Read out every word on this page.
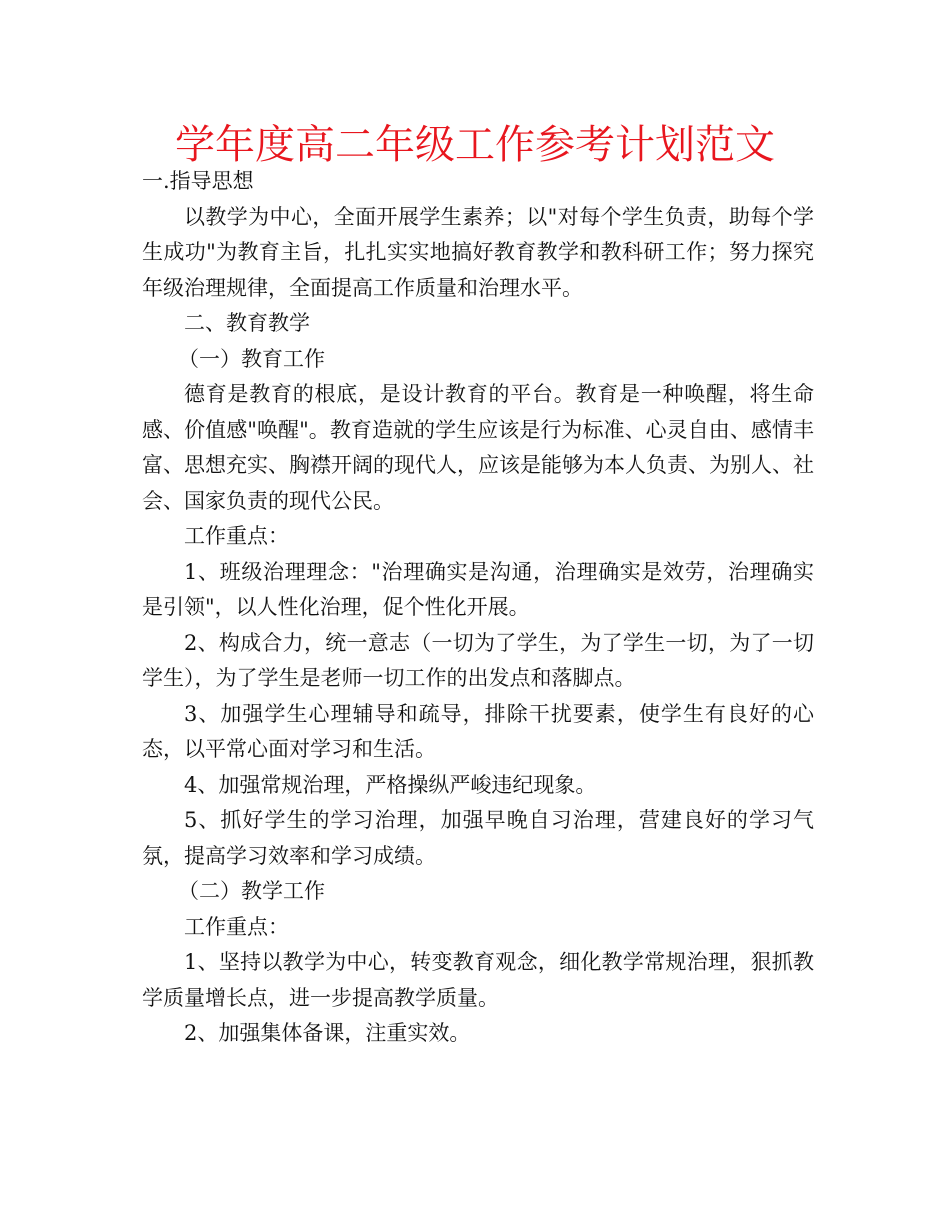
学年度高二年级工作参考计划范文

一.指导思想

以教学为中心，全面开展学生素养；以"对每个学生负责，助每个学生成功"为教育主旨，扎扎实实地搞好教育教学和教科研工作；努力探究年级治理规律，全面提高工作质量和治理水平。

二、教育教学

（一）教育工作

德育是教育的根底，是设计教育的平台。教育是一种唤醒，将生命感、价值感"唤醒"。教育造就的学生应该是行为标准、心灵自由、感情丰富、思想充实、胸襟开阔的现代人，应该是能够为本人负责、为别人、社会、国家负责的现代公民。

工作重点：

1、班级治理理念："治理确实是沟通，治理确实是效劳，治理确实是引领"，以人性化治理，促个性化开展。

2、构成合力，统一意志（一切为了学生，为了学生一切，为了一切学生），为了学生是老师一切工作的出发点和落脚点。

3、加强学生心理辅导和疏导，排除干扰要素，使学生有良好的心态，以平常心面对学习和生活。

4、加强常规治理，严格操纵严峻违纪现象。

5、抓好学生的学习治理，加强早晚自习治理，营建良好的学习气氛，提高学习效率和学习成绩。

（二）教学工作

工作重点：

1、坚持以教学为中心，转变教育观念，细化教学常规治理，狠抓教学质量增长点，进一步提高教学质量。

2、加强集体备课，注重实效。
